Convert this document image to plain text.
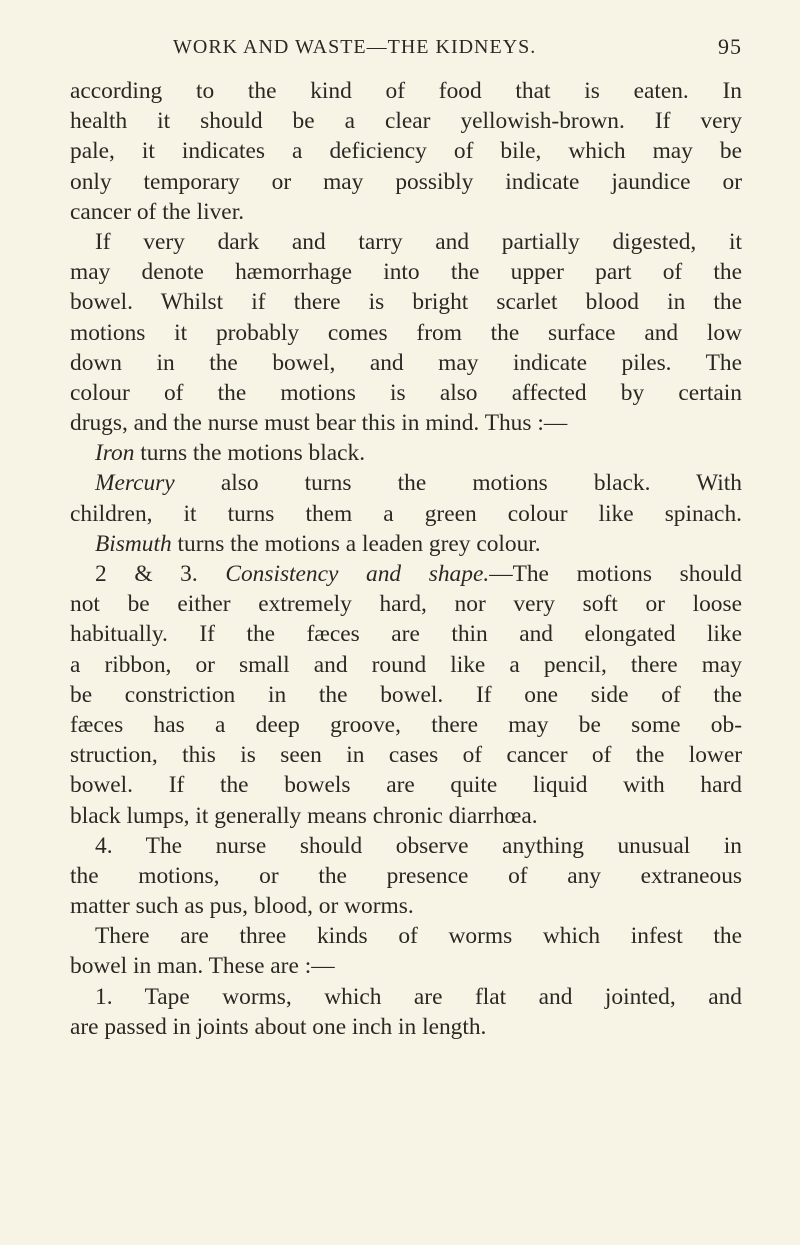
WORK AND WASTE—THE KIDNEYS.	95
according to the kind of food that is eaten. In
health it should be a clear yellowish-brown. If very
pale, it indicates a deficiency of bile, which may be
only temporary or may possibly indicate jaundice or
cancer of the liver.
If very dark and tarry and partially digested, it
may denote hæmorrhage into the upper part of the
bowel. Whilst if there is bright scarlet blood in the
motions it probably comes from the surface and low
down in the bowel, and may indicate piles. The
colour of the motions is also affected by certain
drugs, and the nurse must bear this in mind. Thus :—
Iron turns the motions black.
Mercury also turns the motions black. With
children, it turns them a green colour like spinach.
Bismuth turns the motions a leaden grey colour.
2 & 3. Consistency and shape.—The motions should
not be either extremely hard, nor very soft or loose
habitually. If the fæces are thin and elongated like
a ribbon, or small and round like a pencil, there may
be constriction in the bowel. If one side of the
fæces has a deep groove, there may be some ob-
struction, this is seen in cases of cancer of the lower
bowel. If the bowels are quite liquid with hard
black lumps, it generally means chronic diarrhœa.
4. The nurse should observe anything unusual in
the motions, or the presence of any extraneous
matter such as pus, blood, or worms.
There are three kinds of worms which infest the
bowel in man. These are :—
1. Tape worms, which are flat and jointed, and
are passed in joints about one inch in length.
